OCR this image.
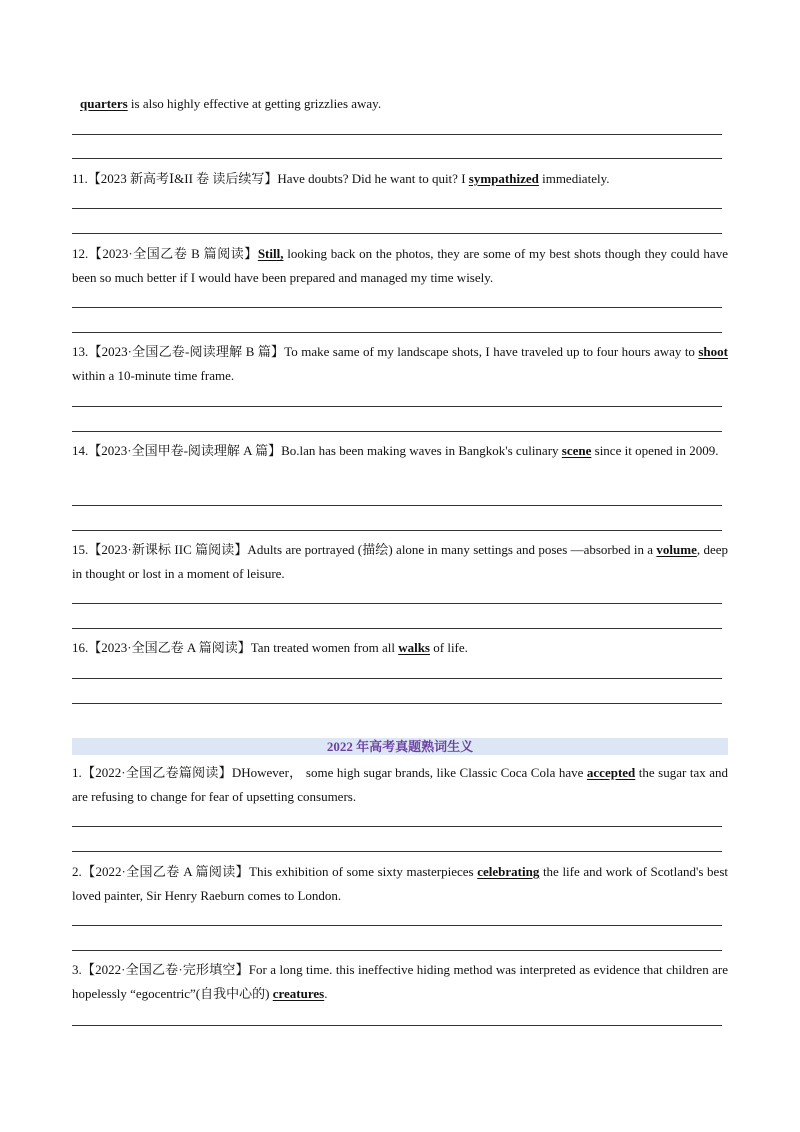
quarters is also highly effective at getting grizzlies away.
11.【2023 新高考Ⅰ&II 卷 读后续写】Have doubts? Did he want to quit? I sympathized immediately.
12.【2023·全国乙卷 B 篇阅读】Still, looking back on the photos, they are some of my best shots though they could have been so much better if I would have been prepared and managed my time wisely.
13.【2023·全国乙卷-阅读理解 B 篇】To make same of my landscape shots, I have traveled up to four hours away to shoot within a 10-minute time frame.
14.【2023·全国甲卷-阅读理解 A 篇】Bo.lan has been making waves in Bangkok's culinary scene since it opened in 2009.
15.【2023·新课标 IIC 篇阅读】Adults are portrayed (描绘) alone in many settings and poses —absorbed in a volume, deep in thought or lost in a moment of leisure.
16.【2023·全国乙卷 A 篇阅读】Tan treated women from all walks of life.
2022 年高考真题熟词生义
1.【2022·全国乙卷篇阅读】DHowever， some high sugar brands, like Classic Coca Cola have accepted the sugar tax and are refusing to change for fear of upsetting consumers.
2.【2022·全国乙卷 A 篇阅读】This exhibition of some sixty masterpieces celebrating the life and work of Scotland's best loved painter, Sir Henry Raeburn comes to London.
3.【2022·全国乙卷·完形填空】For a long time. this ineffective hiding method was interpreted as evidence that children are hopelessly “egocentric”(自我中心的) creatures.
